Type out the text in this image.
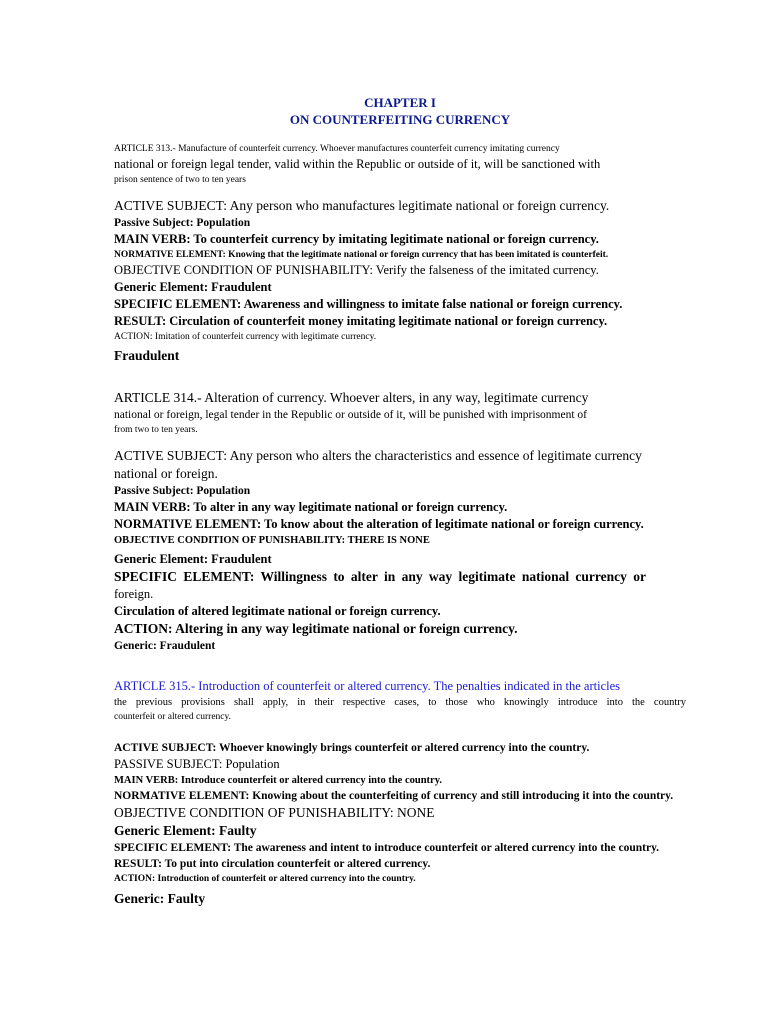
CHAPTER I
ON COUNTERFEITING CURRENCY
ARTICLE 313.- Manufacture of counterfeit currency. Whoever manufactures counterfeit currency imitating currency
national or foreign legal tender, valid within the Republic or outside of it, will be sanctioned with
prison sentence of two to ten years
ACTIVE SUBJECT: Any person who manufactures legitimate national or foreign currency.
Passive Subject: Population
MAIN VERB: To counterfeit currency by imitating legitimate national or foreign currency.
NORMATIVE ELEMENT: Knowing that the legitimate national or foreign currency that has been imitated is counterfeit.
OBJECTIVE CONDITION OF PUNISHABILITY: Verify the falseness of the imitated currency.
Generic Element: Fraudulent
SPECIFIC ELEMENT: Awareness and willingness to imitate false national or foreign currency.
RESULT: Circulation of counterfeit money imitating legitimate national or foreign currency.
ACTION: Imitation of counterfeit currency with legitimate currency.
Fraudulent
ARTICLE 314.- Alteration of currency. Whoever alters, in any way, legitimate currency
national or foreign, legal tender in the Republic or outside of it, will be punished with imprisonment of
from two to ten years.
ACTIVE SUBJECT: Any person who alters the characteristics and essence of legitimate currency
national or foreign.
Passive Subject: Population
MAIN VERB: To alter in any way legitimate national or foreign currency.
NORMATIVE ELEMENT: To know about the alteration of legitimate national or foreign currency.
OBJECTIVE CONDITION OF PUNISHABILITY: THERE IS NONE
Generic Element: Fraudulent
SPECIFIC ELEMENT: Willingness to alter in any way legitimate national currency or
foreign.
Circulation of altered legitimate national or foreign currency.
ACTION: Altering in any way legitimate national or foreign currency.
Generic: Fraudulent
ARTICLE 315.- Introduction of counterfeit or altered currency. The penalties indicated in the articles
the previous provisions shall apply, in their respective cases, to those who knowingly introduce into the country
counterfeit or altered currency.
ACTIVE SUBJECT: Whoever knowingly brings counterfeit or altered currency into the country.
PASSIVE SUBJECT: Population
MAIN VERB: Introduce counterfeit or altered currency into the country.
NORMATIVE ELEMENT: Knowing about the counterfeiting of currency and still introducing it into the country.
OBJECTIVE CONDITION OF PUNISHABILITY: NONE
Generic Element: Faulty
SPECIFIC ELEMENT: The awareness and intent to introduce counterfeit or altered currency into the country.
RESULT: To put into circulation counterfeit or altered currency.
ACTION: Introduction of counterfeit or altered currency into the country.
Generic: Faulty
